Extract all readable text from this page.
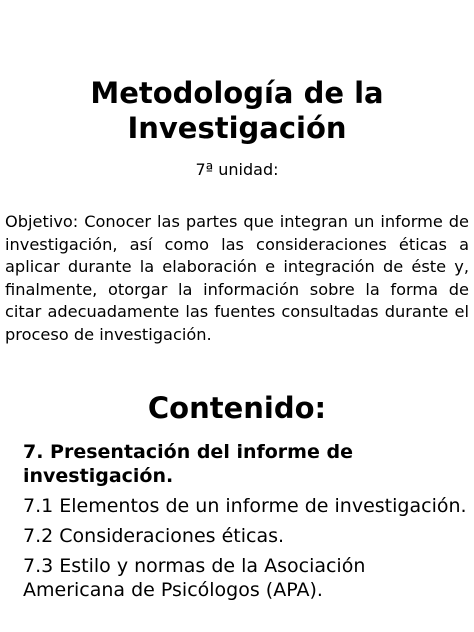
Metodología de la
Investigación
7ª unidad:
Objetivo: Conocer las partes que integran un informe de investigación, así como las consideraciones éticas a aplicar durante la elaboración e integración de éste y, finalmente, otorgar la información sobre la forma de citar adecuadamente las fuentes consultadas durante el proceso de investigación.
Contenido:
7. Presentación del informe de investigación.
7.1 Elementos de un informe de investigación.
7.2 Consideraciones éticas.
7.3 Estilo y normas de la Asociación Americana de Psicólogos (APA).
